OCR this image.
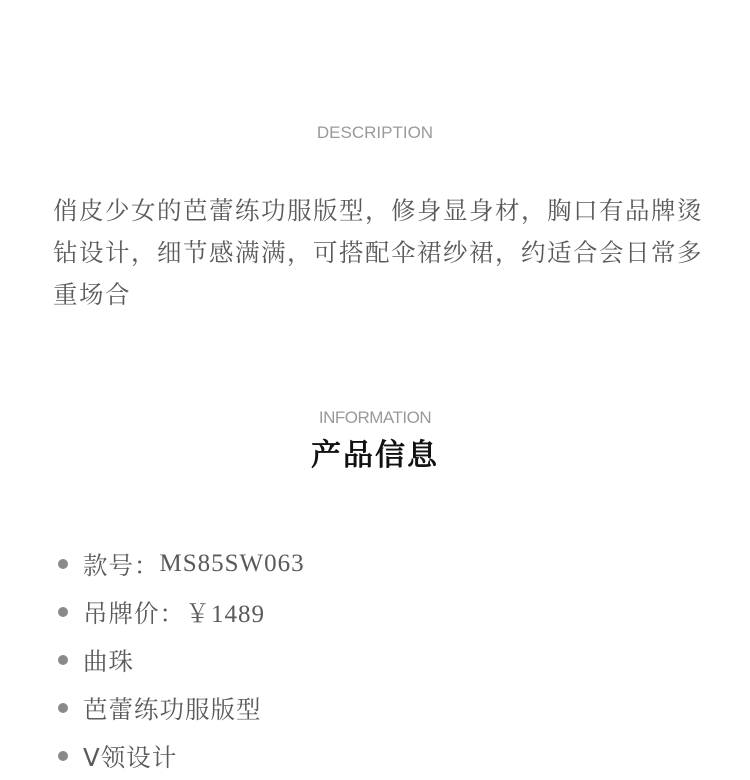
DESCRIPTION
俏皮少女的芭蕾练功服版型，修身显身材，胸口有品牌烫钻设计，细节感满满，可搭配伞裙纱裙，约适合会日常多重场合
INFORMATION
产品信息
款号： MS85SW063
吊牌价： ￥1489
曲珠
芭蕾练功服版型
V领设计
